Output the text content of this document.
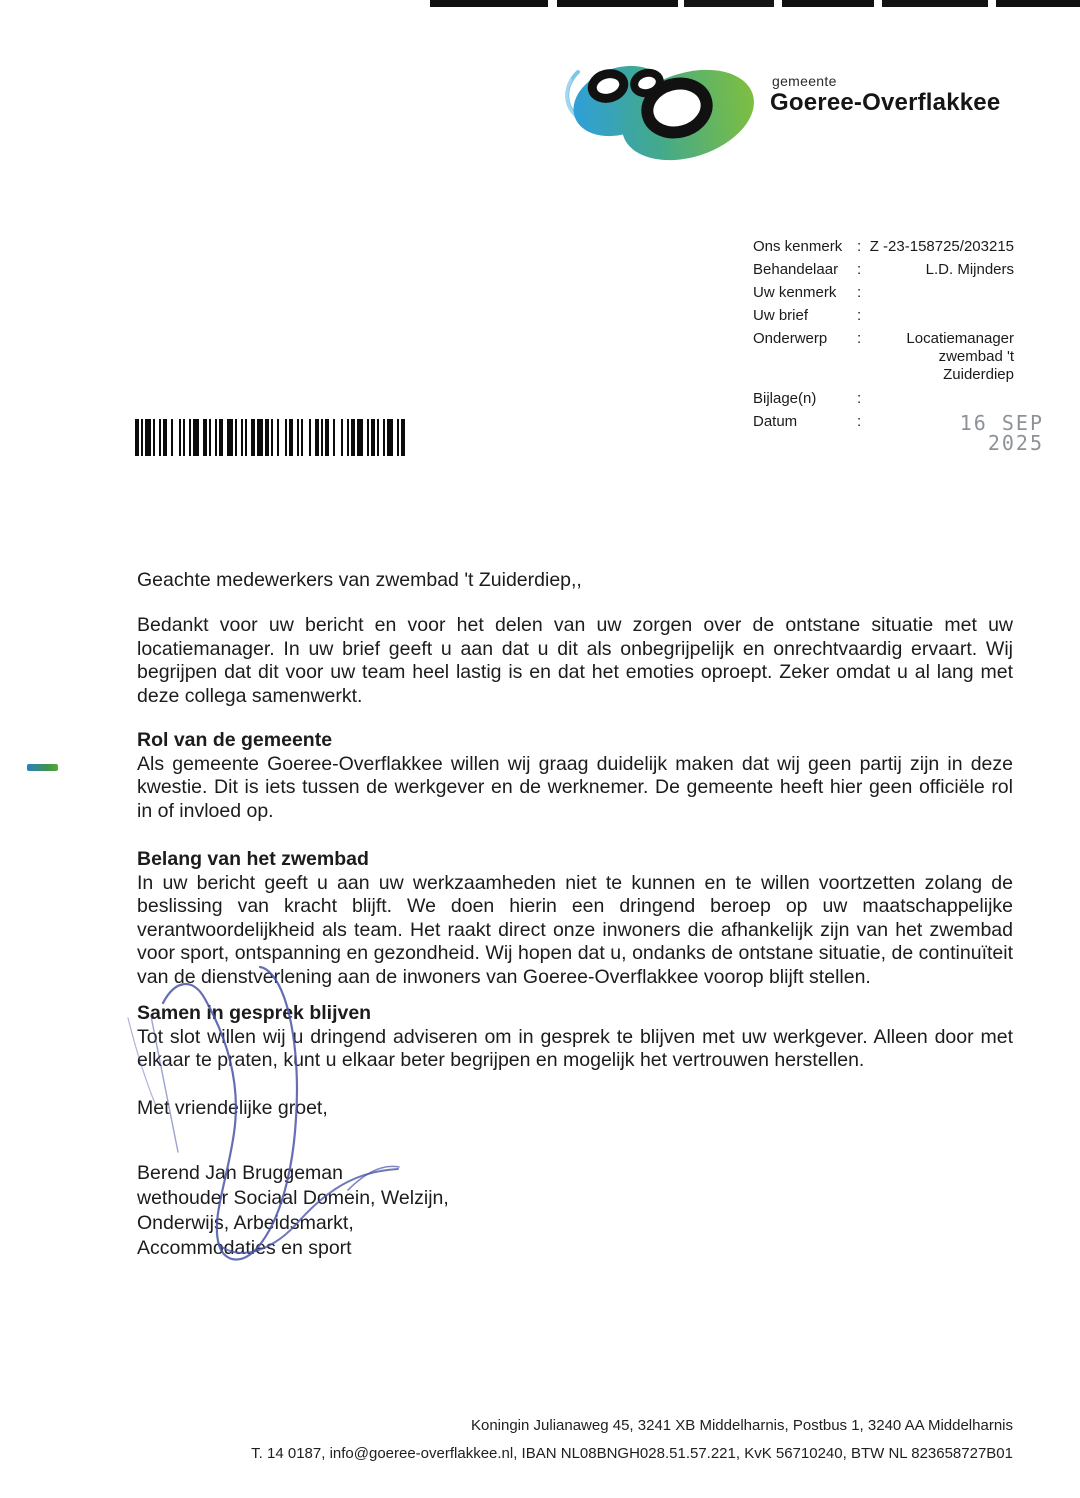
gemeente
Goeree-Overflakkee
Ons kenmerk : Z -23-158725/203215
Behandelaar	:	L.D. Mijnders
Uw kenmerk	:
Uw brief	:
Onderwerp	:	Locatiemanager
zwembad 't
Zuiderdiep
Bijlage(n)	:
Datum	:	16 SEP 2025

Geachte medewerkers van zwembad 't Zuiderdiep,,

Bedankt voor uw bericht en voor het delen van uw zorgen over de ontstane situatie met uw locatiemanager. In uw brief geeft u aan dat u dit als onbegrijpelijk en onrechtvaardig ervaart. Wij begrijpen dat dit voor uw team heel lastig is en dat het emoties oproept. Zeker omdat u al lang met deze collega samenwerkt.

Rol van de gemeente

Als gemeente Goeree-Overflakkee willen wij graag duidelijk maken dat wij geen partij zijn in deze kwestie. Dit is iets tussen de werkgever en de werknemer. De gemeente heeft hier geen officiële rol in of invloed op.

Belang van het zwembad

In uw bericht geeft u aan uw werkzaamheden niet te kunnen en te willen voortzetten zolang de beslissing van kracht blijft. We doen hierin een dringend beroep op uw maatschappelijke verantwoordelijkheid als team. Het raakt direct onze inwoners die afhankelijk zijn van het zwembad voor sport, ontspanning en gezondheid. Wij hopen dat u, ondanks de ontstane situatie, de continuïteit van de dienstverlening aan de inwoners van Goeree-Overflakkee voorop blijft stellen.

Samen in gesprek blijven

Tot slot willen wij u dringend adviseren om in gesprek te blijven met uw werkgever. Alleen door met elkaar te praten, kunt u elkaar beter begrijpen en mogelijk het vertrouwen herstellen.

Met vriendelijke groet,

Berend Jan Bruggeman

wethouder Sociaal Domein, Welzijn,
Onderwijs, Arbeidsmarkt,
Accommodaties en sport

Koningin Julianaweg 45, 3241 XB Middelharnis, Postbus 1, 3240 AA Middelharnis
T. 14 0187, info@goeree-overflakkee.nl, IBAN NL08BNGH028.51.57.221, KvK 56710240, BTW NL 823658727B01
